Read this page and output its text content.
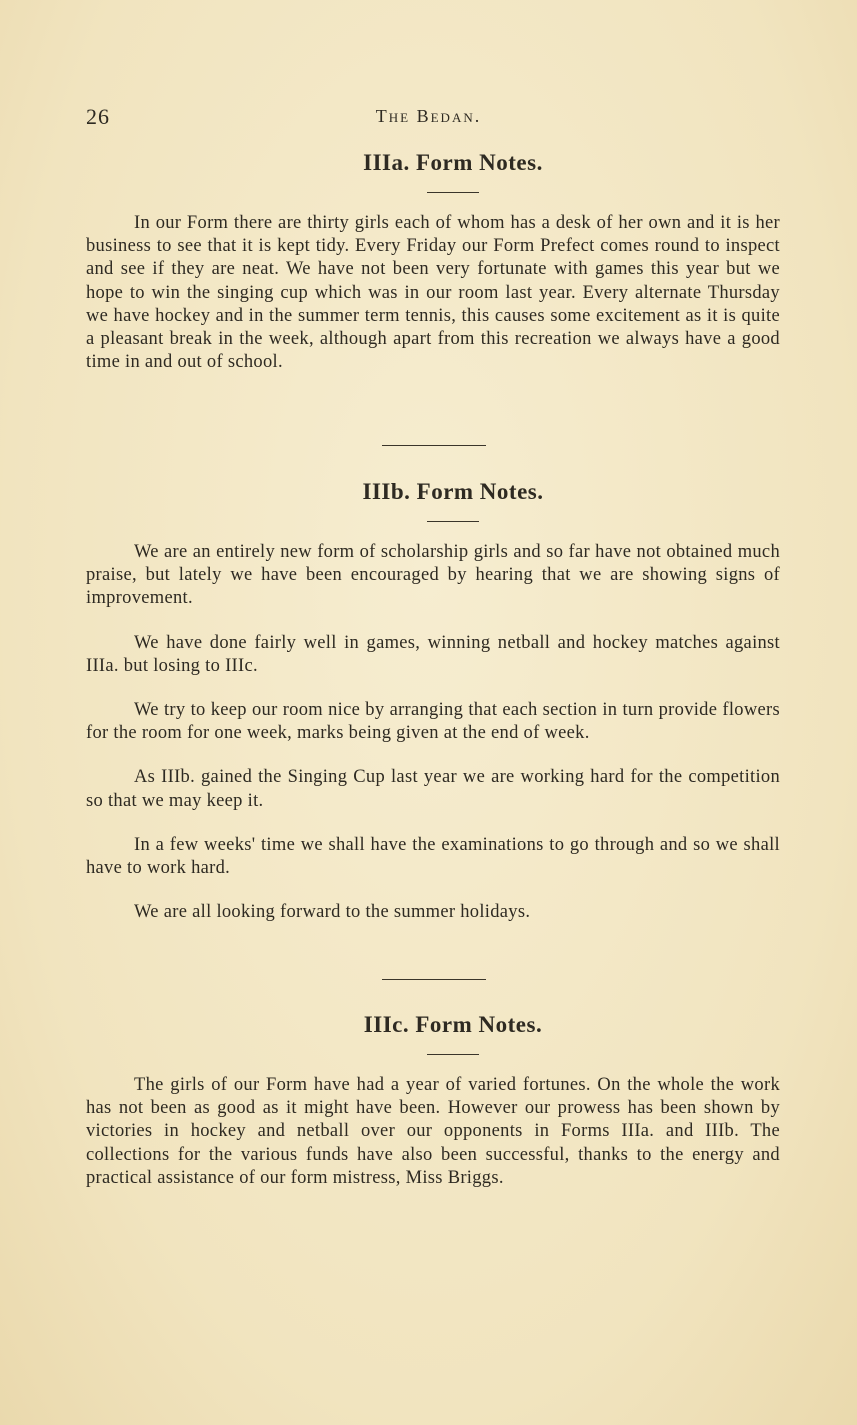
26	The Bedan.
IIIa. Form Notes.

In our Form there are thirty girls each of whom has a desk of her own and it is her business to see that it is kept tidy. Every Friday our Form Prefect comes round to inspect and see if they are neat. We have not been very fortunate with games this year but we hope to win the singing cup which was in our room last year. Every alternate Thursday we have hockey and in the summer term tennis, this causes some excitement as it is quite a pleasant break in the week, although apart from this recreation we always have a good time in and out of school.

IIIb. Form Notes.

We are an entirely new form of scholarship girls and so far have not obtained much praise, but lately we have been encouraged by hearing that we are showing signs of improvement.

We have done fairly well in games, winning netball and hockey matches against IIIa. but losing to IIIc.

We try to keep our room nice by arranging that each section in turn provide flowers for the room for one week, marks being given at the end of week.

As IIIb. gained the Singing Cup last year we are working hard for the competition so that we may keep it.

In a few weeks' time we shall have the examinations to go through and so we shall have to work hard.

We are all looking forward to the summer holidays.

IIIc. Form Notes.

The girls of our Form have had a year of varied fortunes. On the whole the work has not been as good as it might have been. However our prowess has been shown by victories in hockey and netball over our opponents in Forms IIIa. and IIIb. The collections for the various funds have also been successful, thanks to the energy and practical assistance of our form mistress, Miss Briggs.
